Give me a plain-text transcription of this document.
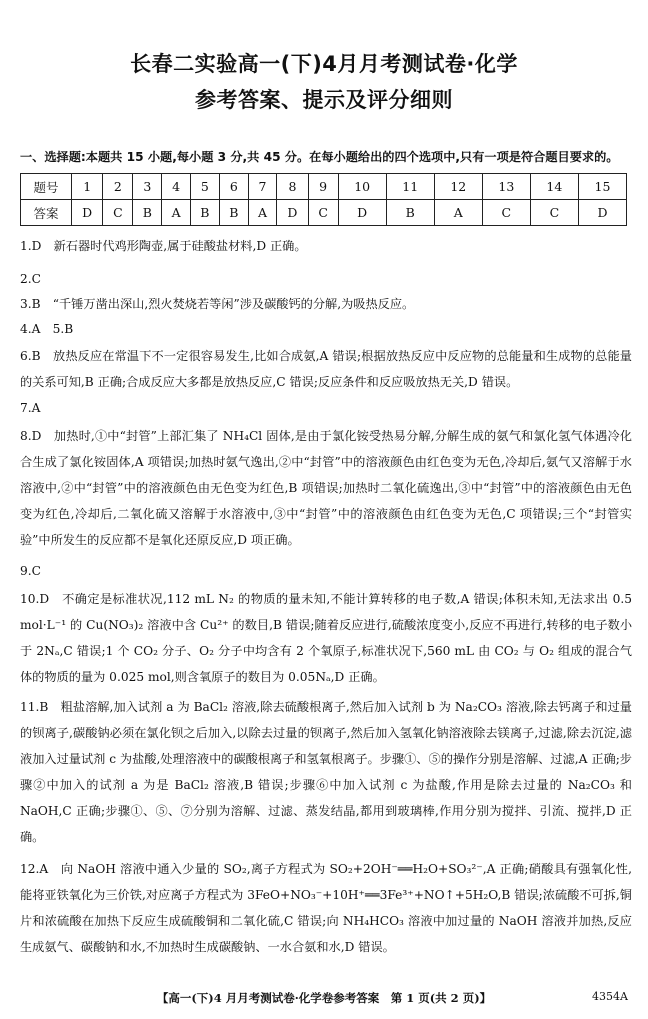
长春二实验高一(下)4月月考测试卷·化学
参考答案、提示及评分细则
一、选择题:本题共 15 小题,每小题 3 分,共 45 分。在每小题给出的四个选项中,只有一项是符合题目要求的。
题号	1	2	3	4	5	6	7	8	9	10	11	12	13	14	15
答案	D	C	B	A	B	B	A	D	C	D	B	A	C	C	D
1.D　新石器时代鸡形陶壶,属于硅酸盐材料,D 正确。
2.C
3.B　“千锤万凿出深山,烈火焚烧若等闲”涉及碳酸钙的分解,为吸热反应。
4.A　5.B
6.B　放热反应在常温下不一定很容易发生,比如合成氨,A 错误;根据放热反应中反应物的总能量和生成物的总能量的关系可知,B 正确;合成反应大多都是放热反应,C 错误;反应条件和反应吸放热无关,D 错误。
7.A
8.D　加热时,①中“封管”上部汇集了 NH₄Cl 固体,是由于氯化铵受热易分解,分解生成的氨气和氯化氢气体遇冷化合生成了氯化铵固体,A 项错误;加热时氨气逸出,②中“封管”中的溶液颜色由红色变为无色,冷却后,氨气又溶解于水溶液中,②中“封管”中的溶液颜色由无色变为红色,B 项错误;加热时二氧化硫逸出,③中“封管”中的溶液颜色由无色变为红色,冷却后,二氧化硫又溶解于水溶液中,③中“封管”中的溶液颜色由红色变为无色,C 项错误;三个“封管实验”中所发生的反应都不是氧化还原反应,D 项正确。
9.C
10.D　不确定是标准状况,112 mL N₂ 的物质的量未知,不能计算转移的电子数,A 错误;体积未知,无法求出 0.5 mol·L⁻¹ 的 Cu(NO₃)₂ 溶液中含 Cu²⁺ 的数目,B 错误;随着反应进行,硫酸浓度变小,反应不再进行,转移的电子数小于 2Nₐ,C 错误;1 个 CO₂ 分子、O₂ 分子中均含有 2 个氧原子,标准状况下,560 mL 由 CO₂ 与 O₂ 组成的混合气体的物质的量为 0.025 mol,则含氧原子的数目为 0.05Nₐ,D 正确。
11.B　粗盐溶解,加入试剂 a 为 BaCl₂ 溶液,除去硫酸根离子,然后加入试剂 b 为 Na₂CO₃ 溶液,除去钙离子和过量的钡离子,碳酸钠必须在氯化钡之后加入,以除去过量的钡离子,然后加入氢氧化钠溶液除去镁离子,过滤,除去沉淀,滤液加入过量试剂 c 为盐酸,处理溶液中的碳酸根离子和氢氧根离子。步骤①、⑤的操作分别是溶解、过滤,A 正确;步骤②中加入的试剂 a 为是 BaCl₂ 溶液,B 错误;步骤⑥中加入试剂 c 为盐酸,作用是除去过量的 Na₂CO₃ 和 NaOH,C 正确;步骤①、⑤、⑦分别为溶解、过滤、蒸发结晶,都用到玻璃棒,作用分别为搅拌、引流、搅拌,D 正确。
12.A　向 NaOH 溶液中通入少量的 SO₂,离子方程式为 SO₂+2OH⁻══H₂O+SO₃²⁻,A 正确;硝酸具有强氧化性,能将亚铁氧化为三价铁,对应离子方程式为 3FeO+NO₃⁻+10H⁺══3Fe³⁺+NO↑+5H₂O,B 错误;浓硫酸不可拆,铜片和浓硫酸在加热下反应生成硫酸铜和二氧化硫,C 错误;向 NH₄HCO₃ 溶液中加过量的 NaOH 溶液并加热,反应生成氨气、碳酸钠和水,不加热时生成碳酸钠、一水合氨和水,D 错误。
【高一(下)4 月月考测试卷·化学卷参考答案　第 1 页(共 2 页)】	4354A
